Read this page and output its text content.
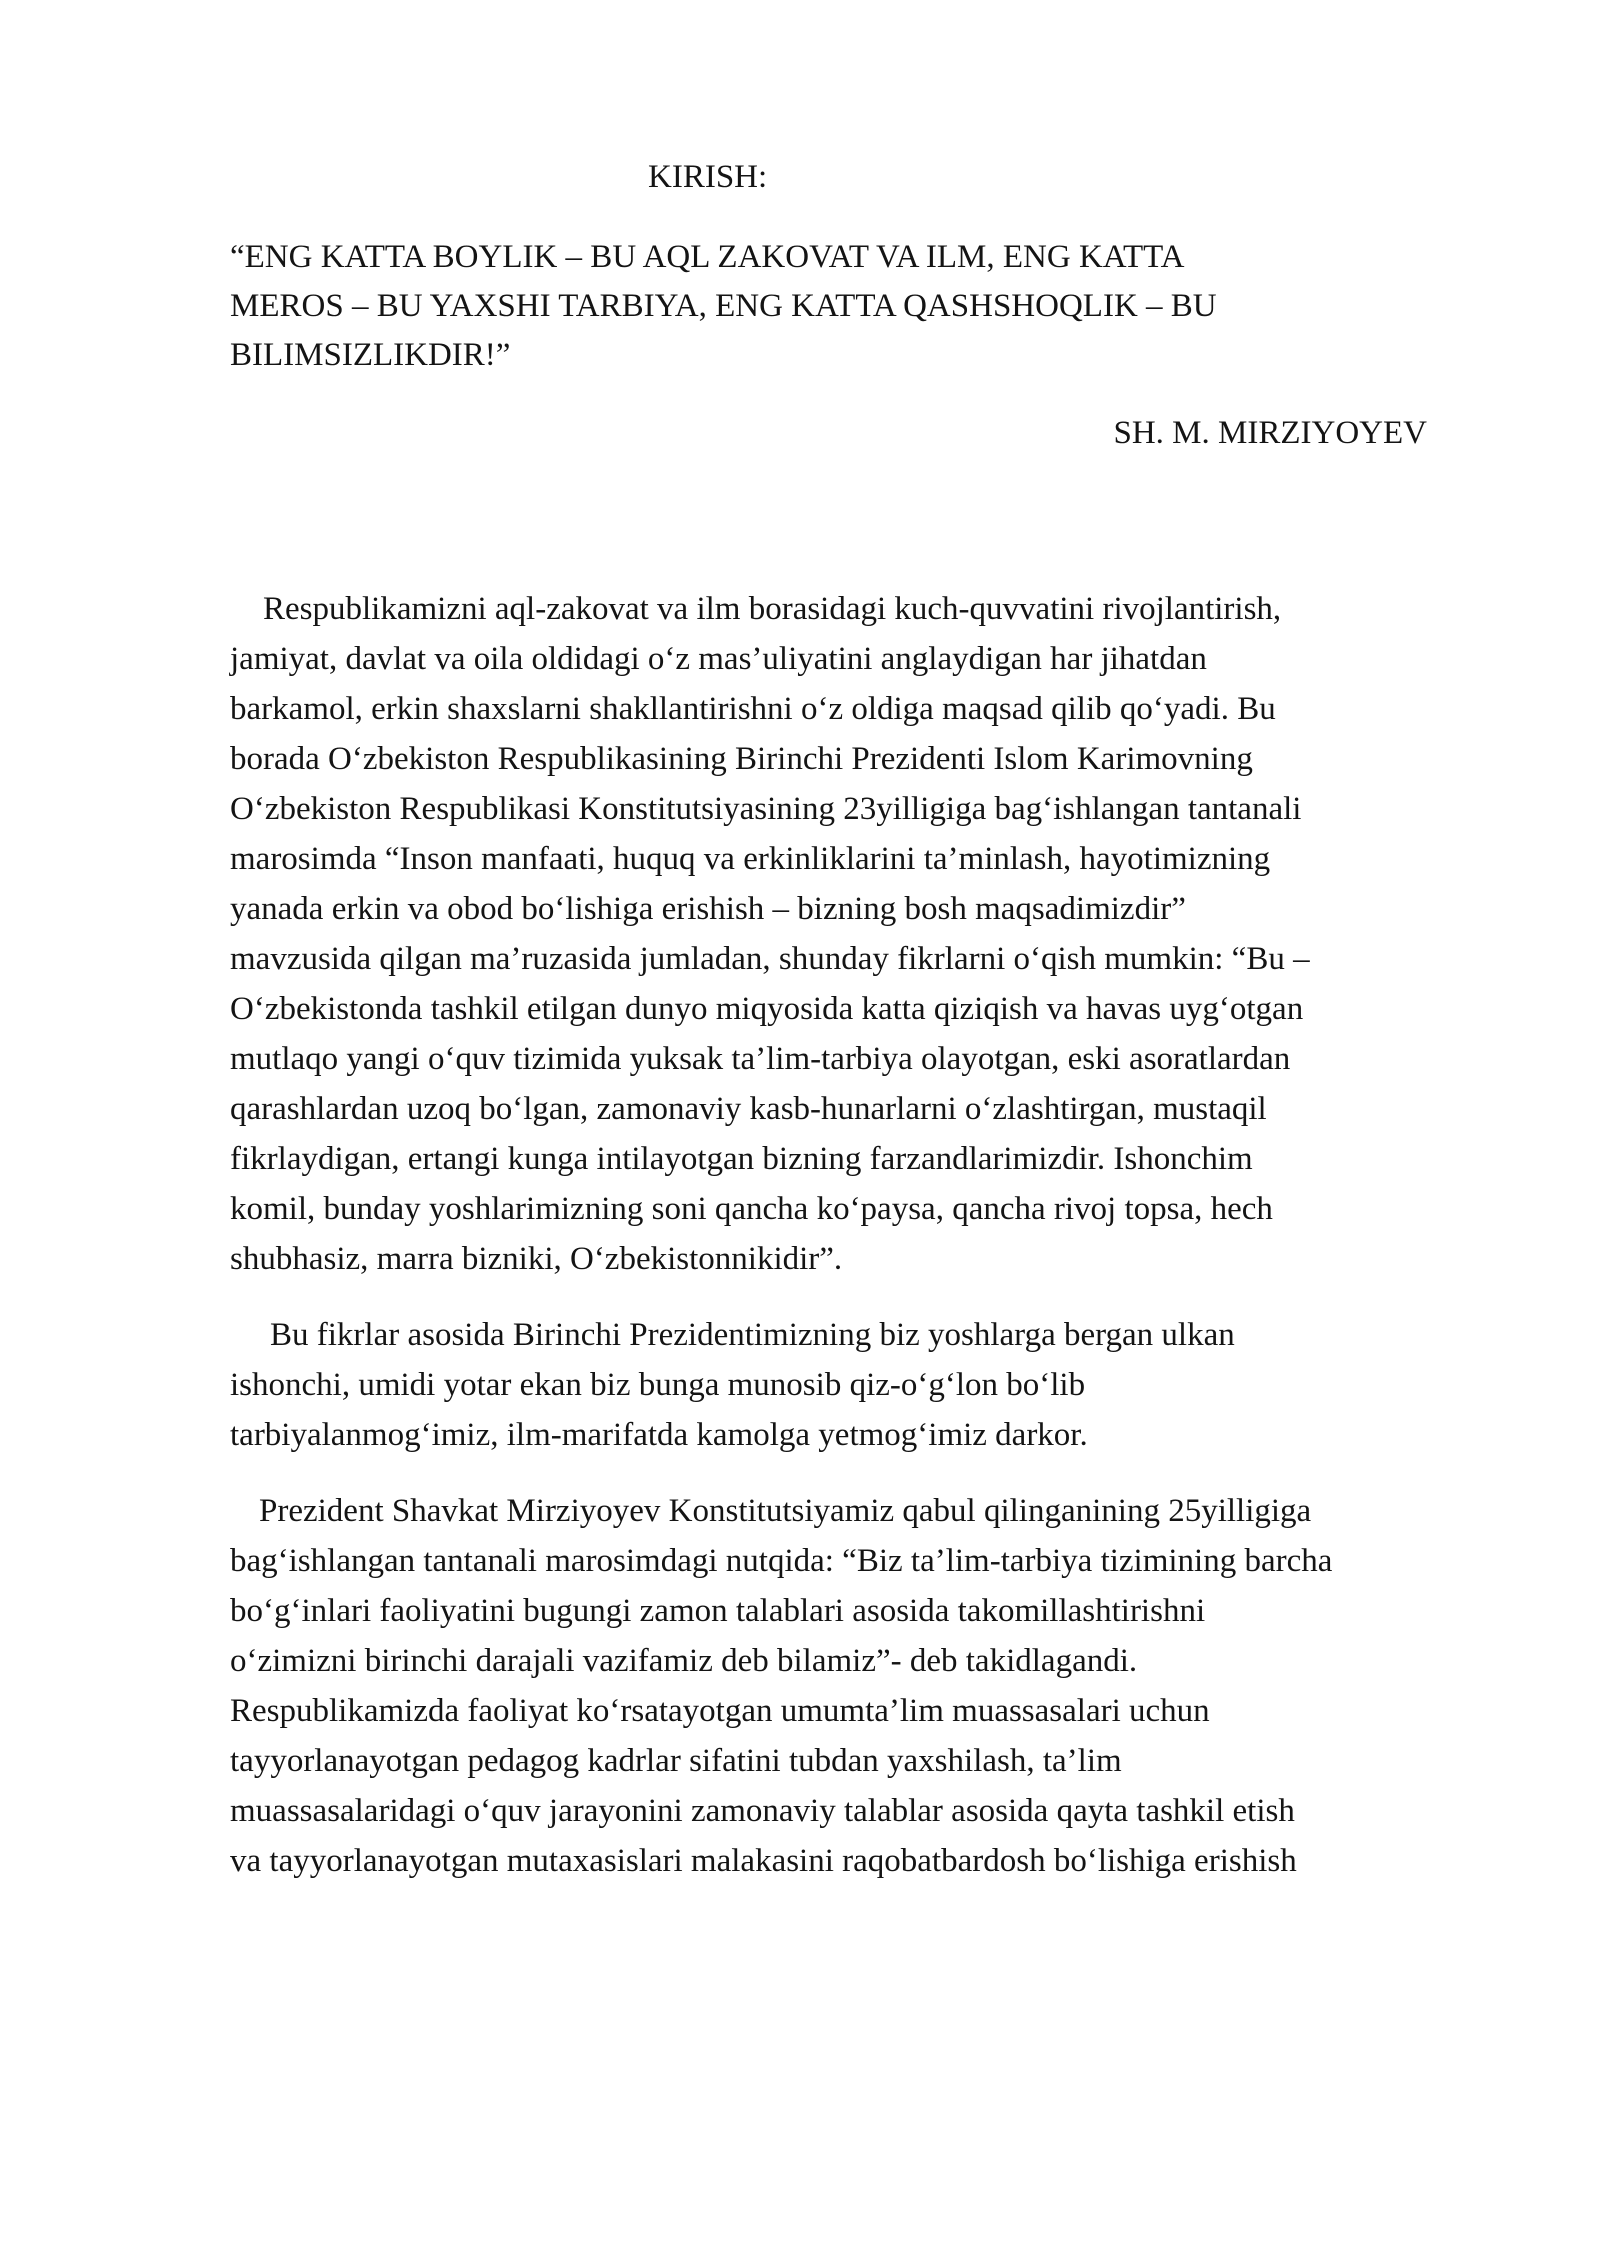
KIRISH:
“ENG KATTA BOYLIK – BU AQL ZAKOVAT VA ILM, ENG KATTA
MEROS – BU YAXSHI TARBIYA, ENG KATTA QASHSHOQLIK – BU
BILIMSIZLIKDIR!”
SH. M. MIRZIYOYEV
Respublikamizni aql-zakovat va ilm borasidagi kuch-quvvatini rivojlantirish,
jamiyat, davlat va oila oldidagi o‘z mas’uliyatini anglaydigan har jihatdan
barkamol, erkin shaxslarni shakllantirishni o‘z oldiga maqsad qilib qo‘yadi. Bu
borada O‘zbekiston Respublikasining Birinchi Prezidenti Islom Karimovning
O‘zbekiston Respublikasi Konstitutsiyasining 23yilligiga bag‘ishlangan tantanali
marosimda “Inson manfaati, huquq va erkinliklarini ta’minlash, hayotimizning
yanada erkin va obod bo‘lishiga erishish – bizning bosh maqsadimizdir”
mavzusida qilgan ma’ruzasida jumladan, shunday fikrlarni o‘qish mumkin: “Bu –
O‘zbekistonda tashkil etilgan dunyo miqyosida katta qiziqish va havas uyg‘otgan
mutlaqo yangi o‘quv tizimida yuksak ta’lim-tarbiya olayotgan, eski asoratlardan
qarashlardan uzoq bo‘lgan, zamonaviy kasb-hunarlarni o‘zlashtirgan, mustaqil
fikrlaydigan, ertangi kunga intilayotgan bizning farzandlarimizdir. Ishonchim
komil, bunday yoshlarimizning soni qancha ko‘paysa, qancha rivoj topsa, hech
shubhasiz, marra bizniki, O‘zbekistonnikidir”.
Bu fikrlar asosida Birinchi Prezidentimizning biz yoshlarga bergan ulkan
ishonchi, umidi yotar ekan biz bunga munosib qiz-o‘g‘lon bo‘lib
tarbiyalanmog‘imiz, ilm-marifatda kamolga yetmog‘imiz darkor.
Prezident Shavkat Mirziyoyev Konstitutsiyamiz qabul qilinganining 25yilligiga
bag‘ishlangan tantanali marosimdagi nutqida: “Biz ta’lim-tarbiya tizimining barcha
bo‘g‘inlari faoliyatini bugungi zamon talablari asosida takomillashtirishni
o‘zimizni birinchi darajali vazifamiz deb bilamiz”- deb takidlagandi.
Respublikamizda faoliyat ko‘rsatayotgan umumta’lim muassasalari uchun
tayyorlanayotgan pedagog kadrlar sifatini tubdan yaxshilash, ta’lim
muassasalaridagi o‘quv jarayonini zamonaviy talablar asosida qayta tashkil etish
va tayyorlanayotgan mutaxasislari malakasini raqobatbardosh bo‘lishiga erishish
